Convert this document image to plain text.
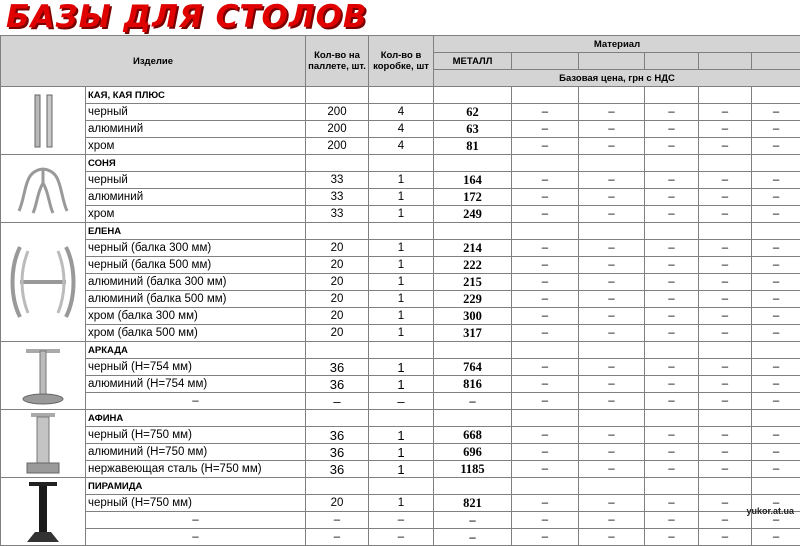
БАЗЫ ДЛЯ СТОЛОВ
Изделие		Кол-во на паллете, шт.	Кол-во в коробке, шт	Материал					
				МЕТАЛЛ					
				Базовая цена, грн с НДС					

	КАЯ, КАЯ ПЛЮС								
	черный	200	4	62	–	–	–	–	–
	алюминий	200	4	63	–	–	–	–	–
	хром	200	4	81	–	–	–	–	–

	СОНЯ								
	черный	33	1	164	–	–	–	–	–
	алюминий	33	1	172	–	–	–	–	–
	хром	33	1	249	–	–	–	–	–

	ЕЛЕНА								
	черный (балка 300 мм)	20	1	214	–	–	–	–	–
	черный (балка 500 мм)	20	1	222	–	–	–	–	–
	алюминий (балка 300 мм)	20	1	215	–	–	–	–	–
	алюминий (балка 500 мм)	20	1	229	–	–	–	–	–
	хром (балка 300 мм)	20	1	300	–	–	–	–	–
	хром (балка 500 мм)	20	1	317	–	–	–	–	–

	АРКАДА								
	черный (H=754 мм)	36	1	764	–	–	–	–	–
	алюминий (H=754 мм)	36	1	816	–	–	–	–	–
	–	–	–	–	–	–	–	–	–

	АФИНА								
	черный (H=750 мм)	36	1	668	–	–	–	–	–
	алюминий (H=750 мм)	36	1	696	–	–	–	–	–
	нержавеющая сталь (H=750 мм)	36	1	1185	–	–	–	–	–

	ПИРАМИДА								
	черный (H=750 мм)	20	1	821	–	–	–	–	–
	–	–	–	–	–	–	–	–	–
	–	–	–	–	–	–	–	–	–
yukor.at.ua
